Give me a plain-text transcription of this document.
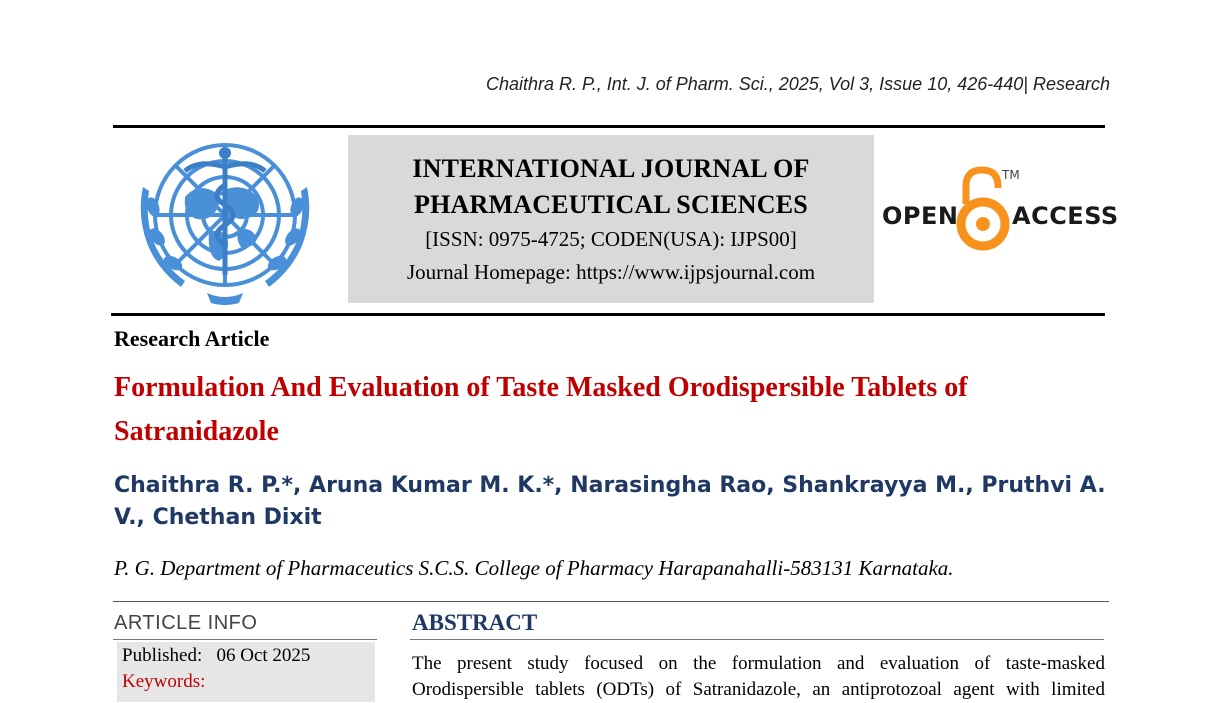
Chaithra R. P., Int. J. of Pharm. Sci., 2025, Vol 3, Issue 10, 426-440| Research
INTERNATIONAL JOURNAL OF
PHARMACEUTICAL SCIENCES
[ISSN: 0975-4725; CODEN(USA): IJPS00]
Journal Homepage: https://www.ijpsjournal.com
OPEN
TM
ACCESS
Research Article
Formulation And Evaluation of Taste Masked Orodispersible Tablets of Satranidazole
Chaithra R. P.*, Aruna Kumar M. K.*, Narasingha Rao, Shankrayya M., Pruthvi A. V., Chethan Dixit
P. G. Department of Pharmaceutics S.C.S. College of Pharmacy Harapanahalli-583131 Karnataka.
ARTICLE INFO
Published: 06 Oct 2025
Keywords:
ABSTRACT
The present study focused on the formulation and evaluation of taste-masked
Orodispersible tablets (ODTs) of Satranidazole, an antiprotozoal agent with limited
